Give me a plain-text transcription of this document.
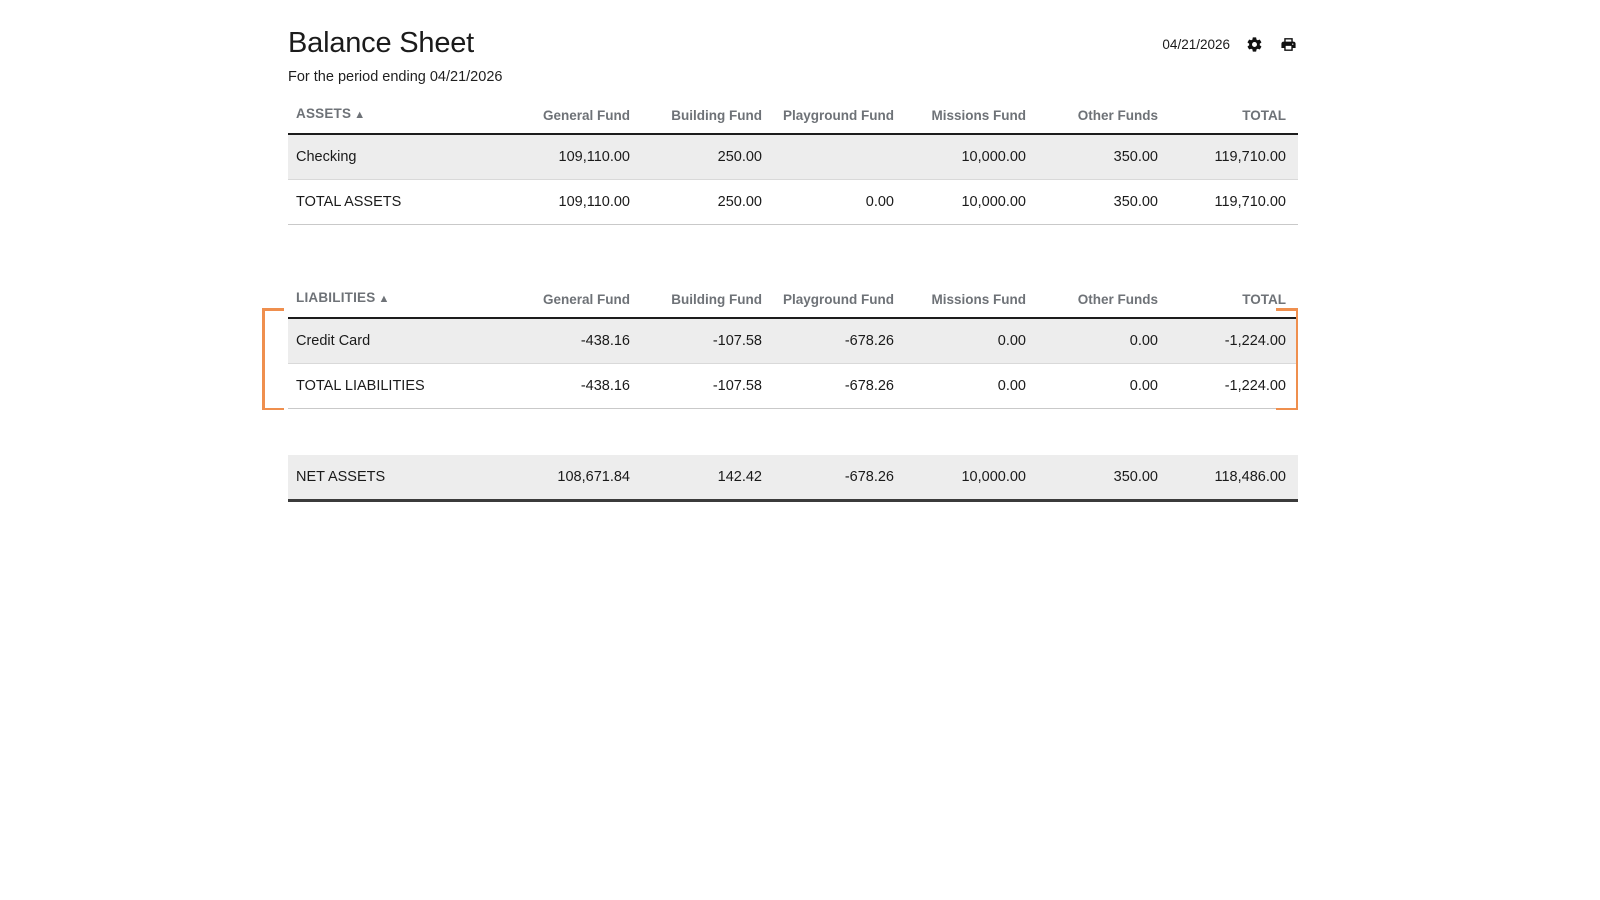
Balance Sheet
For the period ending 04/21/2026
04/21/2026
ASSETS ▲	General Fund	Building Fund	Playground Fund	Missions Fund	Other Funds	TOTAL
Checking	109,110.00	250.00		10,000.00	350.00	119,710.00
TOTAL ASSETS	109,110.00	250.00	0.00	10,000.00	350.00	119,710.00
LIABILITIES ▲	General Fund	Building Fund	Playground Fund	Missions Fund	Other Funds	TOTAL
Credit Card	-438.16	-107.58	-678.26	0.00	0.00	-1,224.00
TOTAL LIABILITIES	-438.16	-107.58	-678.26	0.00	0.00	-1,224.00
NET ASSETS	108,671.84	142.42	-678.26	10,000.00	350.00	118,486.00
